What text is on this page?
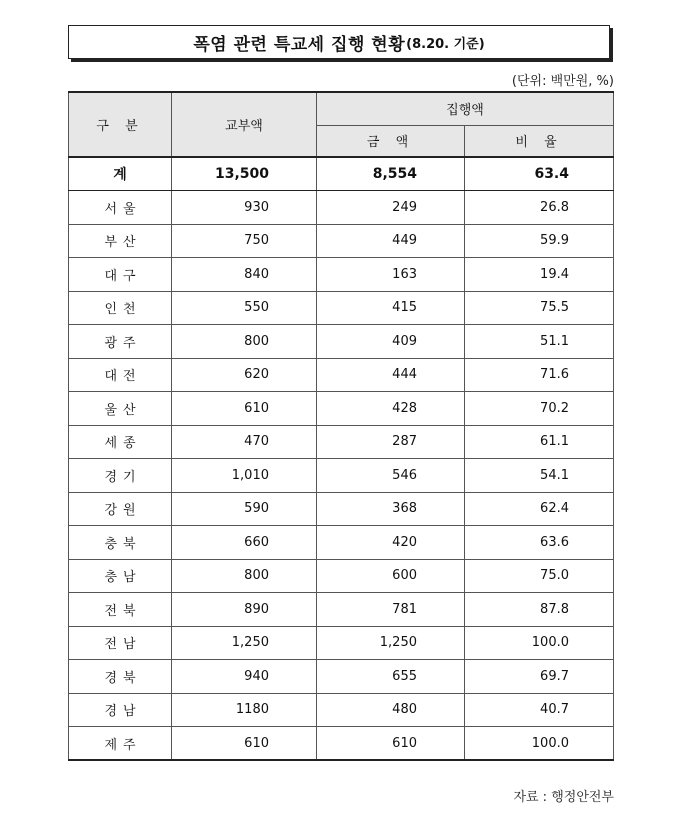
폭염 관련 특교세 집행 현황 (8.20. 기준)
(단위: 백만원, %)
구 분	교부액	집행액	
		금 액	비 율
계	13,500	8,554	63.4
서울	930	249	26.8
부산	750	449	59.9
대구	840	163	19.4
인천	550	415	75.5
광주	800	409	51.1
대전	620	444	71.6
울산	610	428	70.2
세종	470	287	61.1
경기	1,010	546	54.1
강원	590	368	62.4
충북	660	420	63.6
충남	800	600	75.0
전북	890	781	87.8
전남	1,250	1,250	100.0
경북	940	655	69.7
경남	1180	480	40.7
제주	610	610	100.0
자료 : 행정안전부
